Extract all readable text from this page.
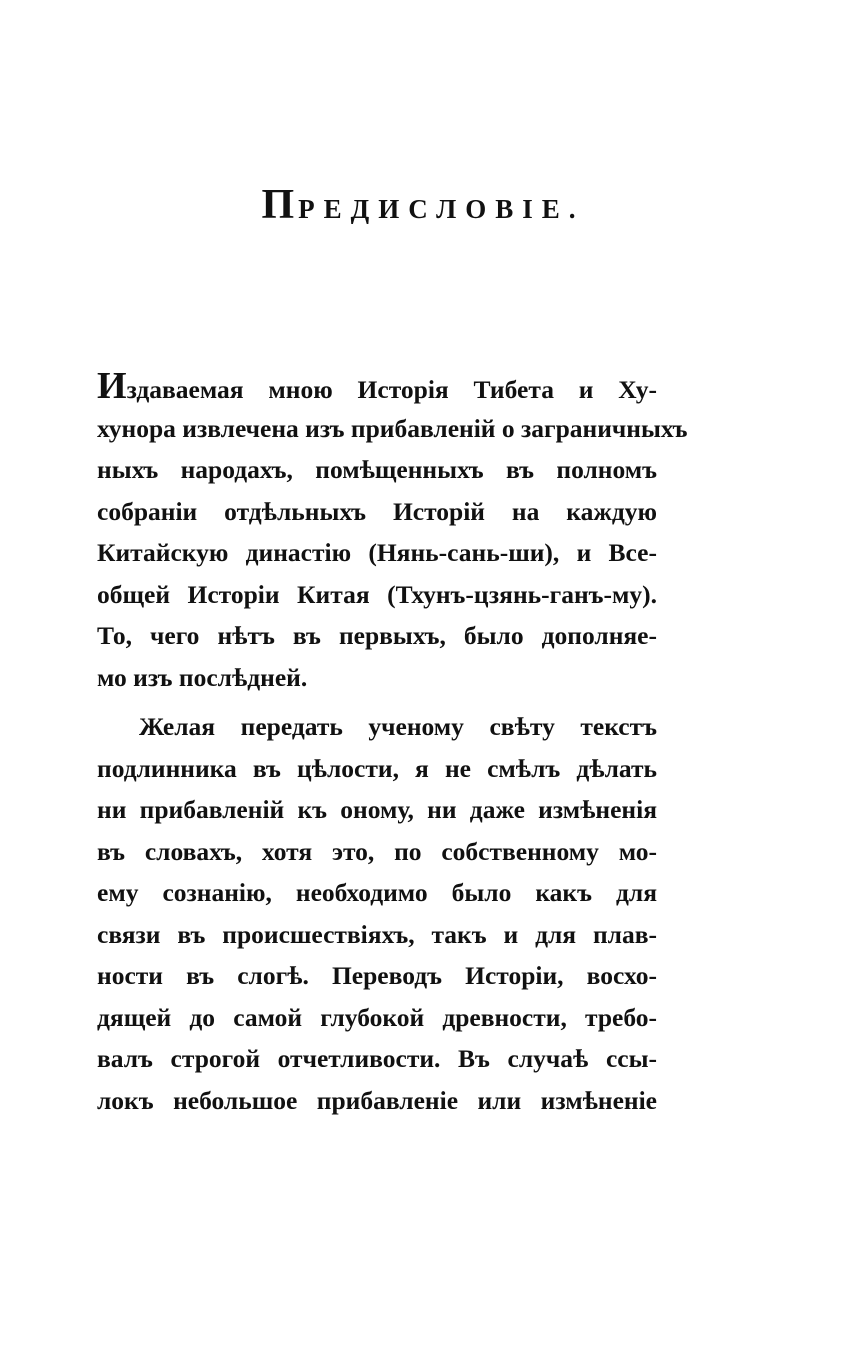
ПРЕДИСЛОВІЕ.
Издаваемая мною Исторія Тибета и Ху-
хунора извлечена изъ прибавленій о заграничныхъ
ныхъ народахъ, помѣщенныхъ въ полномъ
собраніи отдѣльныхъ Исторій на каждую
Китайскую династію (Нянь-сань-ши), и Все-
общей Исторіи Китая (Тхунъ-цзянь-ганъ-му).
То, чего нѣтъ въ первыхъ, было дополняе-
мо изъ послѣдней.
Желая передать ученому свѣту текстъ
подлинника въ цѣлости, я не смѣлъ дѣлать
ни прибавленій къ оному, ни даже измѣненія
въ словахъ, хотя это, по собственному мо-
ему сознанію, необходимо было какъ для
связи въ происшествіяхъ, такъ и для плав-
ности въ слогѣ. Переводъ Исторіи, восхо-
дящей до самой глубокой древности, требо-
валъ строгой отчетливости. Въ случаѣ ссы-
локъ небольшое прибавленіе или измѣненіе
